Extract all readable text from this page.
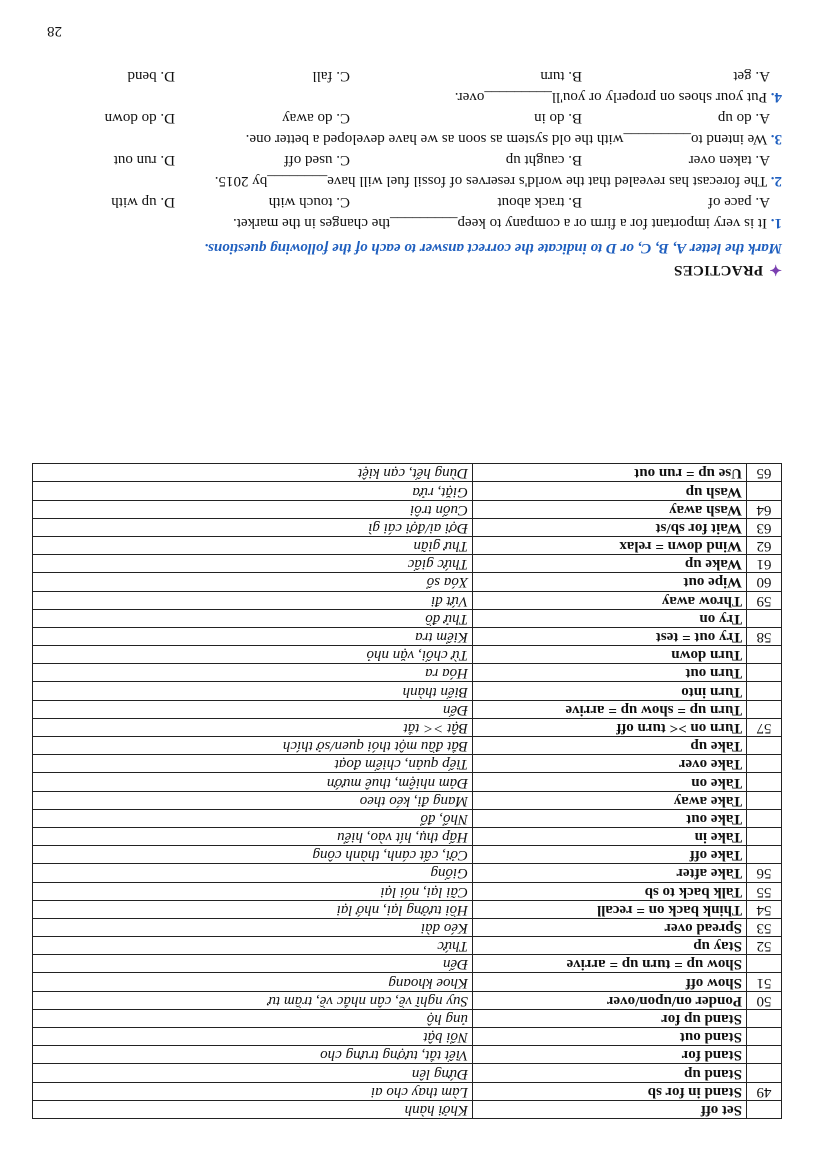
	Set off	Khởi hành
49	Stand in for sb	Làm thay cho ai
	Stand up	Đứng lên
	Stand for	Viết tắt, tượng trưng cho
	Stand out	Nổi bật
	Stand up for	ủng hộ
50	Ponder on/upon/over	Suy nghĩ về, cân nhắc về, trầm tư
51	Show off	Khoe khoang
	Show up = turn up = arrive	Đến
52	Stay up	Thức
53	Spread over	Kéo dài
54	Think back on = recall	Hồi tưởng lại, nhớ lại
55	Talk back to sb	Cãi lại, nói lại
56	Take after	Giống
	Take off	Cởi, cất cánh, thành công
	Take in	Hấp thụ, hít vào, hiểu
	Take out	Nhổ, đổ
	Take away	Mang đi, kéo theo
	Take on	Đảm nhiệm, thuê mướn
	Take over	Tiếp quản, chiếm đoạt
	Take up	Bắt đầu một thói quen/sở thích
57	Turn on >< turn off	Bật >< tắt
	Turn up = show up = arrive	Đến
	Turn into	Biến thành
	Turn out	Hóa ra
	Turn down	Từ chối, vặn nhỏ
58	Try out = test	Kiểm tra
	Try on	Thử đồ
59	Throw away	Vứt đi
60	Wipe out	Xóa sổ
61	Wake up	Thức giấc
62	Wind down = relax	Thư giãn
63	Wait for sb/st	Đợi ai/đợi cái gì
64	Wash away	Cuốn trôi
	Wash up	Giặt, rửa
65	Use up = run out	Dùng hết, cạn kiệt
✦
PRACTICES
Mark the letter A, B, C, or D to indicate the correct answer to each of the following questions.
1. It is very important for a firm or a company to keep_________the changes in the market.
A. pace of
B. track about
C. touch with
D. up with
2. The forecast has revealed that the world's reserves of fossil fuel will have________by 2015.
A. taken over
B. caught up
C. used off
D. run out
3. We intend to_________with the old system as soon as we have developed a better one.
A. do up
B. do in
C. do away
D. do down
4. Put your shoes on properly or you'll_________over.
A. get
B. turn
C. fall
D. bend
28
